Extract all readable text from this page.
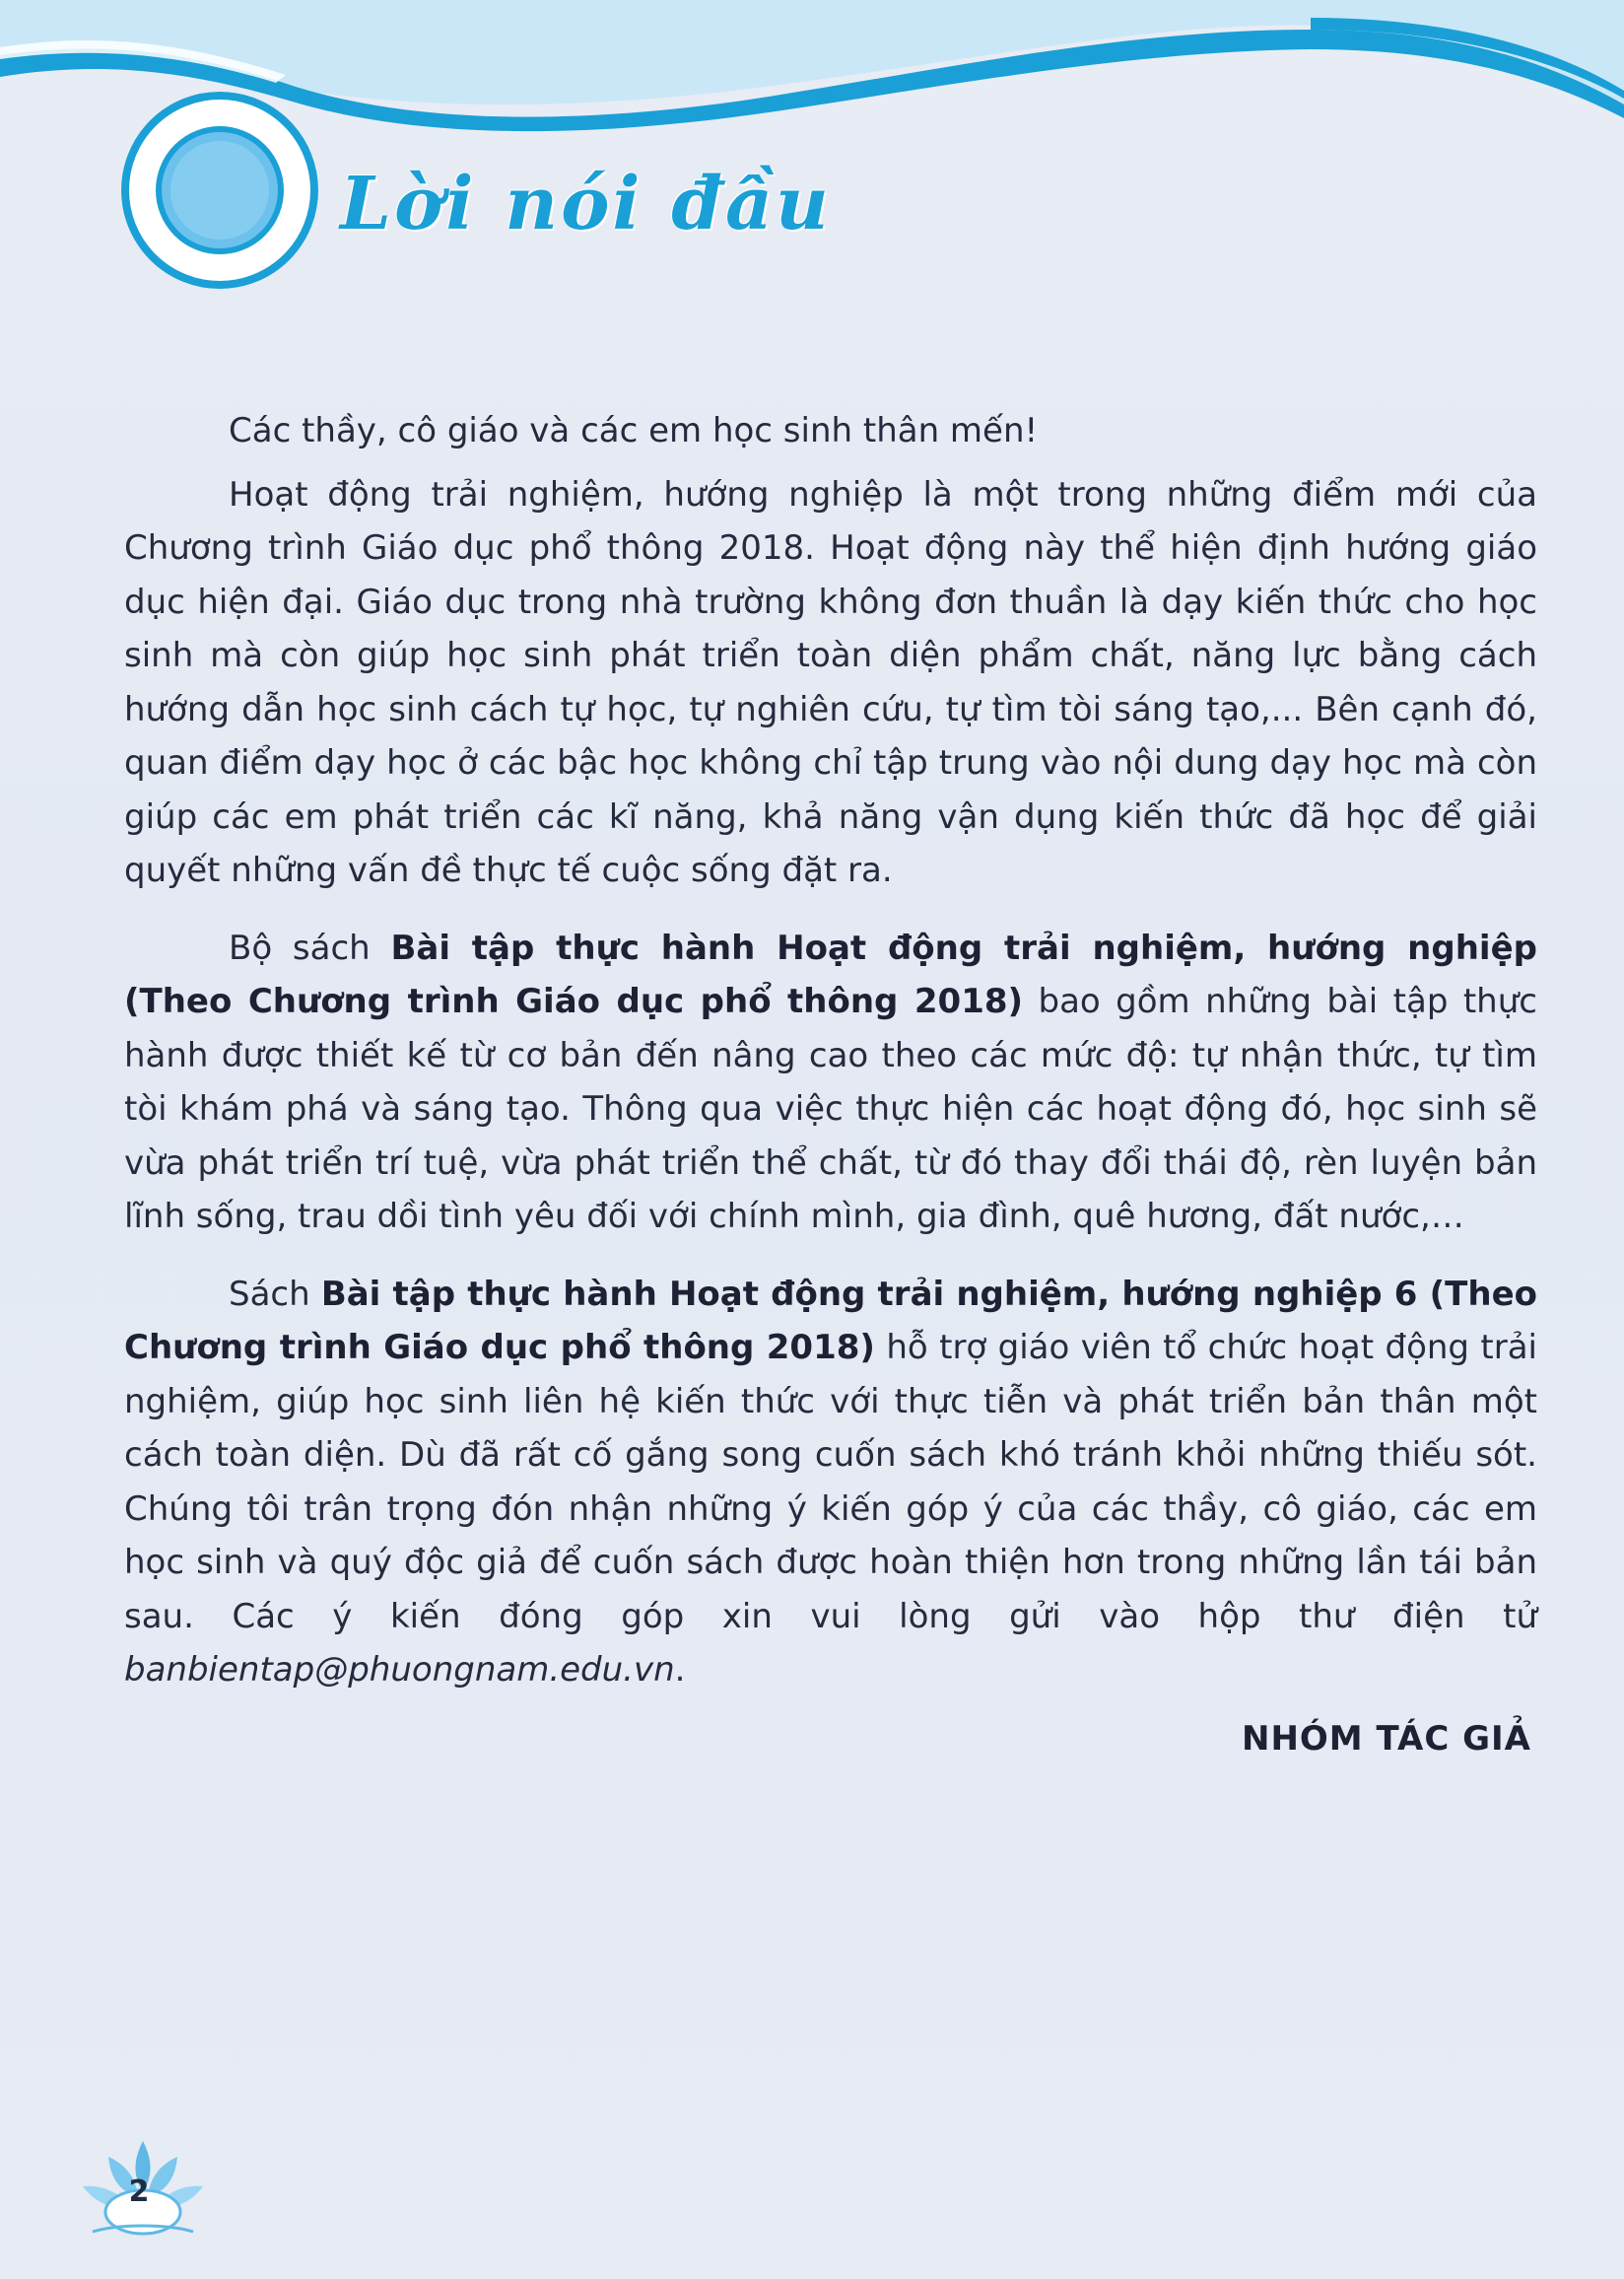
Lời nói đầu

Các thầy, cô giáo và các em học sinh thân mến!

Hoạt động trải nghiệm, hướng nghiệp là một trong những điểm mới của Chương trình Giáo dục phổ thông 2018. Hoạt động này thể hiện định hướng giáo dục hiện đại. Giáo dục trong nhà trường không đơn thuần là dạy kiến thức cho học sinh mà còn giúp học sinh phát triển toàn diện phẩm chất, năng lực bằng cách hướng dẫn học sinh cách tự học, tự nghiên cứu, tự tìm tòi sáng tạo,... Bên cạnh đó, quan điểm dạy học ở các bậc học không chỉ tập trung vào nội dung dạy học mà còn giúp các em phát triển các kĩ năng, khả năng vận dụng kiến thức đã học để giải quyết những vấn đề thực tế cuộc sống đặt ra.

Bộ sách Bài tập thực hành Hoạt động trải nghiệm, hướng nghiệp (Theo Chương trình Giáo dục phổ thông 2018) bao gồm những bài tập thực hành được thiết kế từ cơ bản đến nâng cao theo các mức độ: tự nhận thức, tự tìm tòi khám phá và sáng tạo. Thông qua việc thực hiện các hoạt động đó, học sinh sẽ vừa phát triển trí tuệ, vừa phát triển thể chất, từ đó thay đổi thái độ, rèn luyện bản lĩnh sống, trau dồi tình yêu đối với chính mình, gia đình, quê hương, đất nước,…

Sách Bài tập thực hành Hoạt động trải nghiệm, hướng nghiệp 6 (Theo Chương trình Giáo dục phổ thông 2018) hỗ trợ giáo viên tổ chức hoạt động trải nghiệm, giúp học sinh liên hệ kiến thức với thực tiễn và phát triển bản thân một cách toàn diện. Dù đã rất cố gắng song cuốn sách khó tránh khỏi những thiếu sót. Chúng tôi trân trọng đón nhận những ý kiến góp ý của các thầy, cô giáo, các em học sinh và quý độc giả để cuốn sách được hoàn thiện hơn trong những lần tái bản sau. Các ý kiến đóng góp xin vui lòng gửi vào hộp thư điện tử banbientap@phuongnam.edu.vn.

NHÓM TÁC GIẢ
2
